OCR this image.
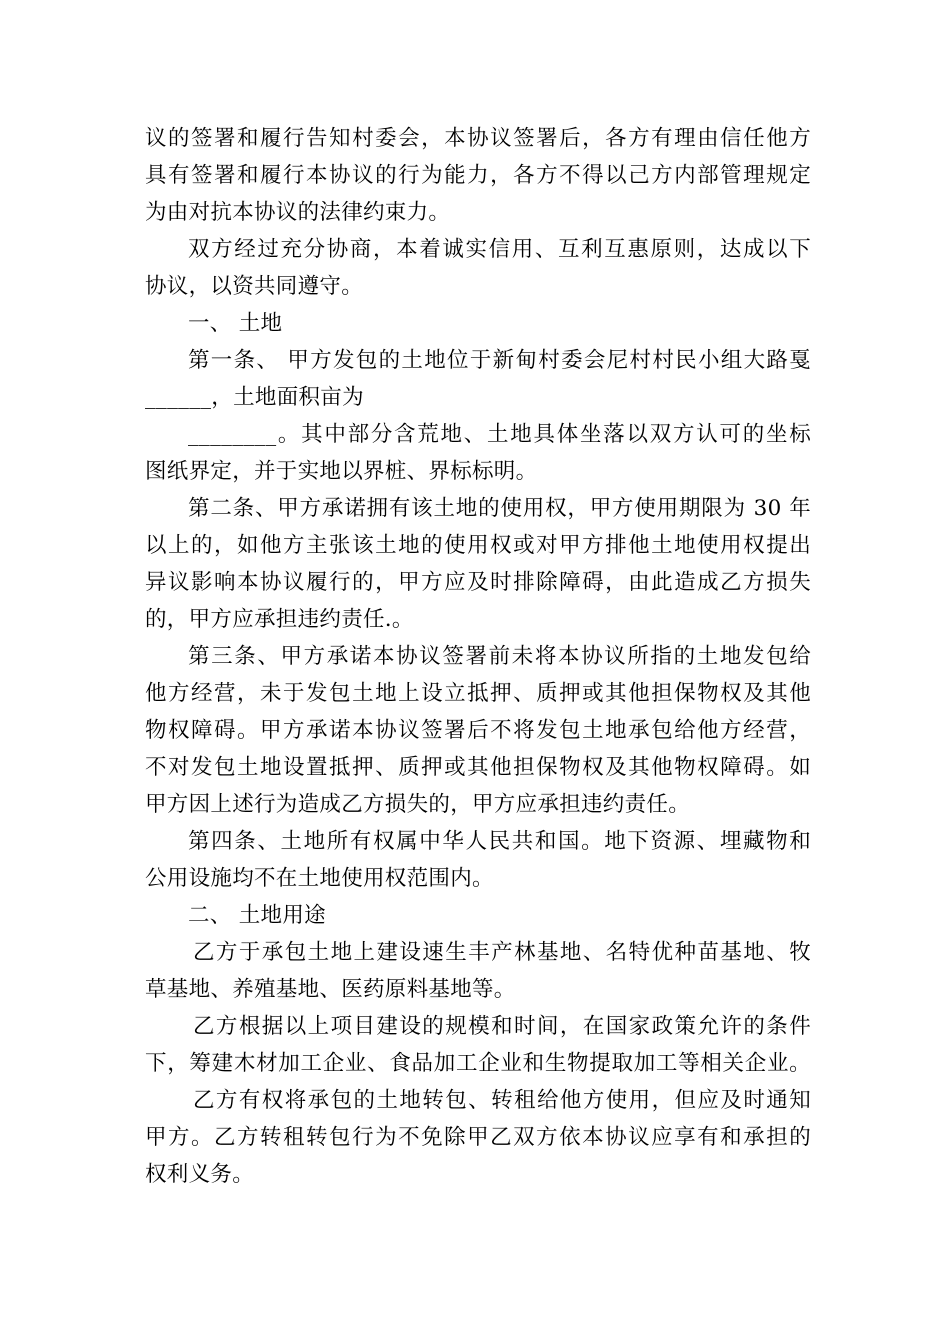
议的签署和履行告知村委会，本协议签署后，各方有理由信任他方
具有签署和履行本协议的行为能力，各方不得以己方内部管理规定
为由对抗本协议的法律约束力。
双方经过充分协商，本着诚实信用、互利互惠原则，达成以下
协议，以资共同遵守。
一、 土地
第一条、 甲方发包的土地位于新甸村委会尼村村民小组大路戛
______，土地面积亩为
________。其中部分含荒地、土地具体坐落以双方认可的坐标
图纸界定，并于实地以界桩、界标标明。
第二条、甲方承诺拥有该土地的使用权，甲方使用期限为 30 年
以上的，如他方主张该土地的使用权或对甲方排他土地使用权提出
异议影响本协议履行的，甲方应及时排除障碍，由此造成乙方损失
的，甲方应承担违约责任.。
第三条、甲方承诺本协议签署前未将本协议所指的土地发包给
他方经营，未于发包土地上设立抵押、质押或其他担保物权及其他
物权障碍。甲方承诺本协议签署后不将发包土地承包给他方经营，
不对发包土地设置抵押、质押或其他担保物权及其他物权障碍。如
甲方因上述行为造成乙方损失的，甲方应承担违约责任。
第四条、土地所有权属中华人民共和国。地下资源、埋藏物和
公用设施均不在土地使用权范围内。
二、 土地用途
乙方于承包土地上建设速生丰产林基地、名特优种苗基地、牧
草基地、养殖基地、医药原料基地等。
乙方根据以上项目建设的规模和时间，在国家政策允许的条件
下，筹建木材加工企业、食品加工企业和生物提取加工等相关企业。
乙方有权将承包的土地转包、转租给他方使用，但应及时通知
甲方。乙方转租转包行为不免除甲乙双方依本协议应享有和承担的
权利义务。
